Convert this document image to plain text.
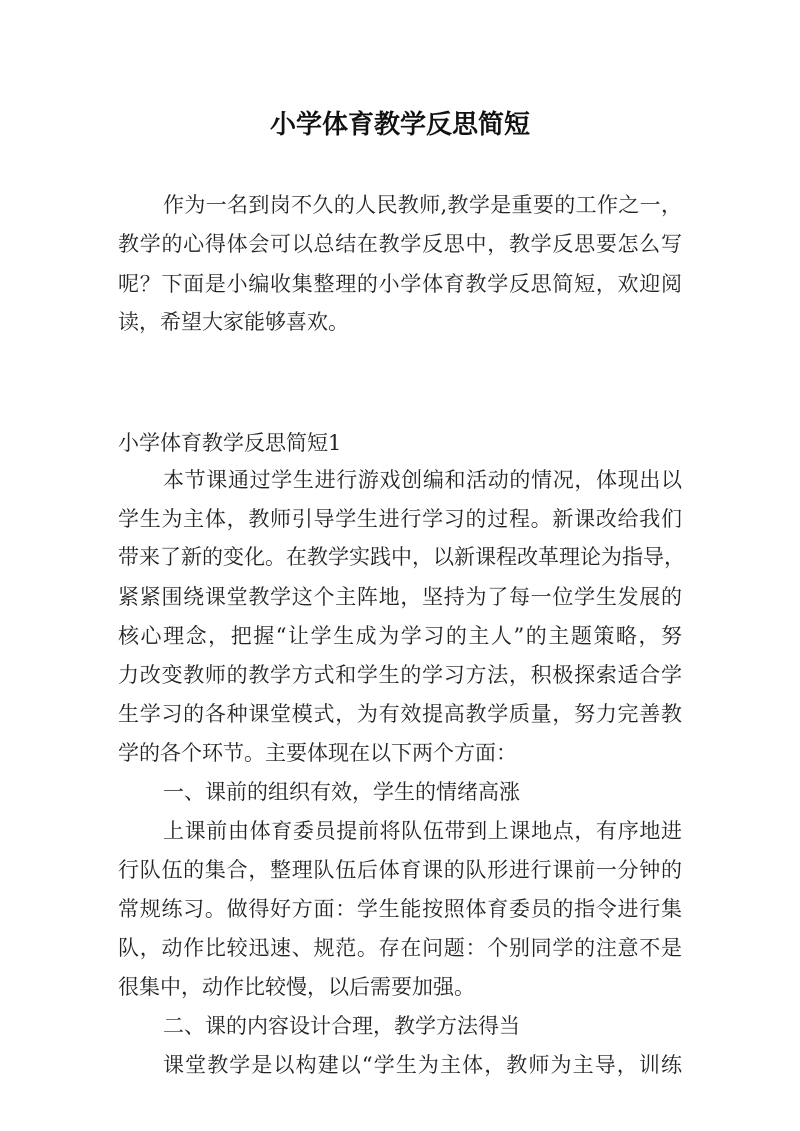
小学体育教学反思简短
作为一名到岗不久的人民教师,教学是重要的工作之一，
教学的心得体会可以总结在教学反思中，教学反思要怎么写
呢？下面是小编收集整理的小学体育教学反思简短，欢迎阅
读，希望大家能够喜欢。
小学体育教学反思简短1
本节课通过学生进行游戏创编和活动的情况，体现出以
学生为主体，教师引导学生进行学习的过程。新课改给我们
带来了新的变化。在教学实践中，以新课程改革理论为指导，
紧紧围绕课堂教学这个主阵地，坚持为了每一位学生发展的
核心理念，把握“让学生成为学习的主人”的主题策略，努
力改变教师的教学方式和学生的学习方法，积极探索适合学
生学习的各种课堂模式，为有效提高教学质量，努力完善教
学的各个环节。主要体现在以下两个方面：
一、课前的组织有效，学生的情绪高涨
上课前由体育委员提前将队伍带到上课地点，有序地进
行队伍的集合，整理队伍后体育课的队形进行课前一分钟的
常规练习。做得好方面：学生能按照体育委员的指令进行集
队，动作比较迅速、规范。存在问题：个别同学的注意不是
很集中，动作比较慢，以后需要加强。
二、课的内容设计合理，教学方法得当
课堂教学是以构建以“学生为主体，教师为主导，训练
